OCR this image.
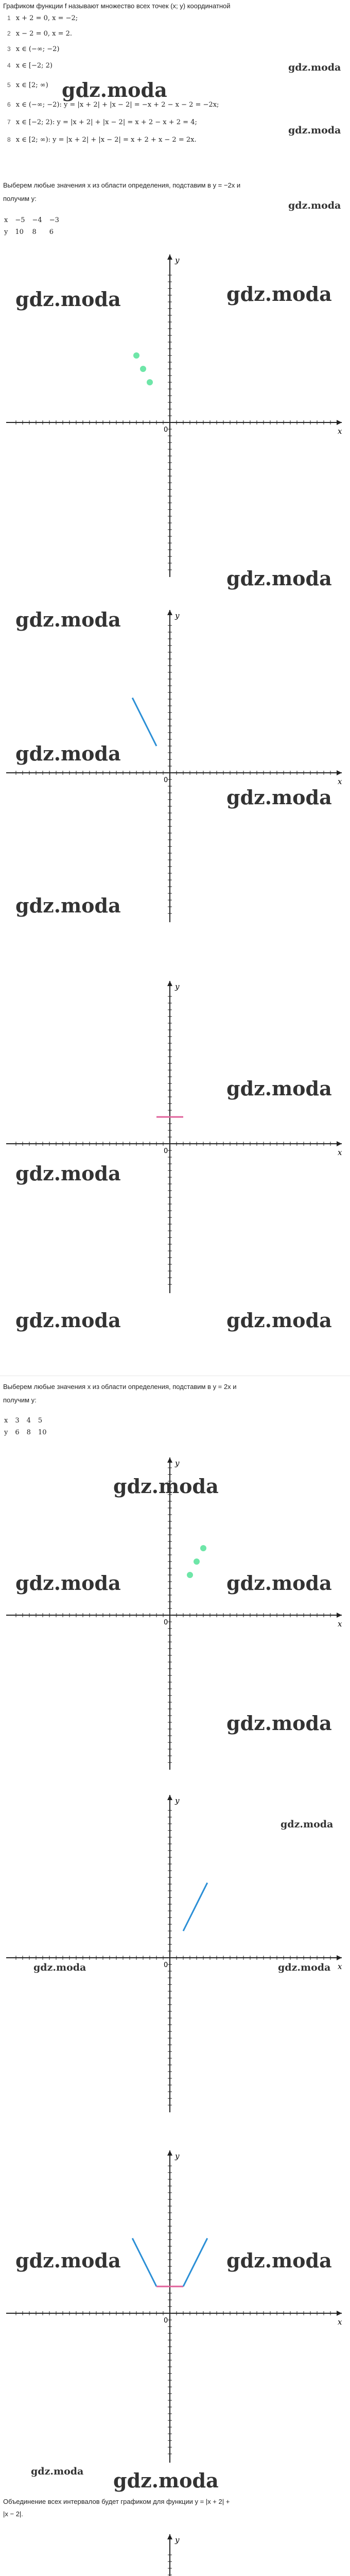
Графиком функции f называют множество всех точек (x; y) координатной
1 x + 2 = 0, x = −2;
2 x − 2 = 0, x = 2.
3 x ∈ (−∞; −2)
4 x ∈ [−2; 2)
5 x ∈ [2; ∞)
6 x ∈ (−∞; −2): y = |x + 2| + |x − 2| = −x + 2 − x − 2 = −2x;
7 x ∈ [−2; 2): y = |x + 2| + |x − 2| = x + 2 − x + 2 = 4;
8 x ∈ [2; ∞): y = |x + 2| + |x − 2| = x + 2 + x − 2 = 2x.
gdz.moda
gdz.moda
gdz.moda
gdz.moda
Выберем любые значения x из области определения, подставим в y = −2x и
получим y:
x	−5	−4	−3
y	10	8	6
x
y
0
gdz.moda	gdz.moda
gdz.moda
x
y
0
gdz.moda
gdz.moda
gdz.moda
gdz.moda
x
y
0
gdz.moda
gdz.moda
gdz.moda	gdz.moda
Выберем любые значения x из области определения, подставим в y = 2x и
получим y:
x	3	4	5
y	6	8	10
x
y
0
gdz.moda
gdz.moda	gdz.moda
gdz.moda
x
y
0
gdz.moda
gdz.moda	gdz.moda
x
y
0
gdz.moda	gdz.moda
gdz.moda gdz.moda
Объединение всех интервалов будет графиком для функции y = |x + 2| +
|x − 2|.
y
